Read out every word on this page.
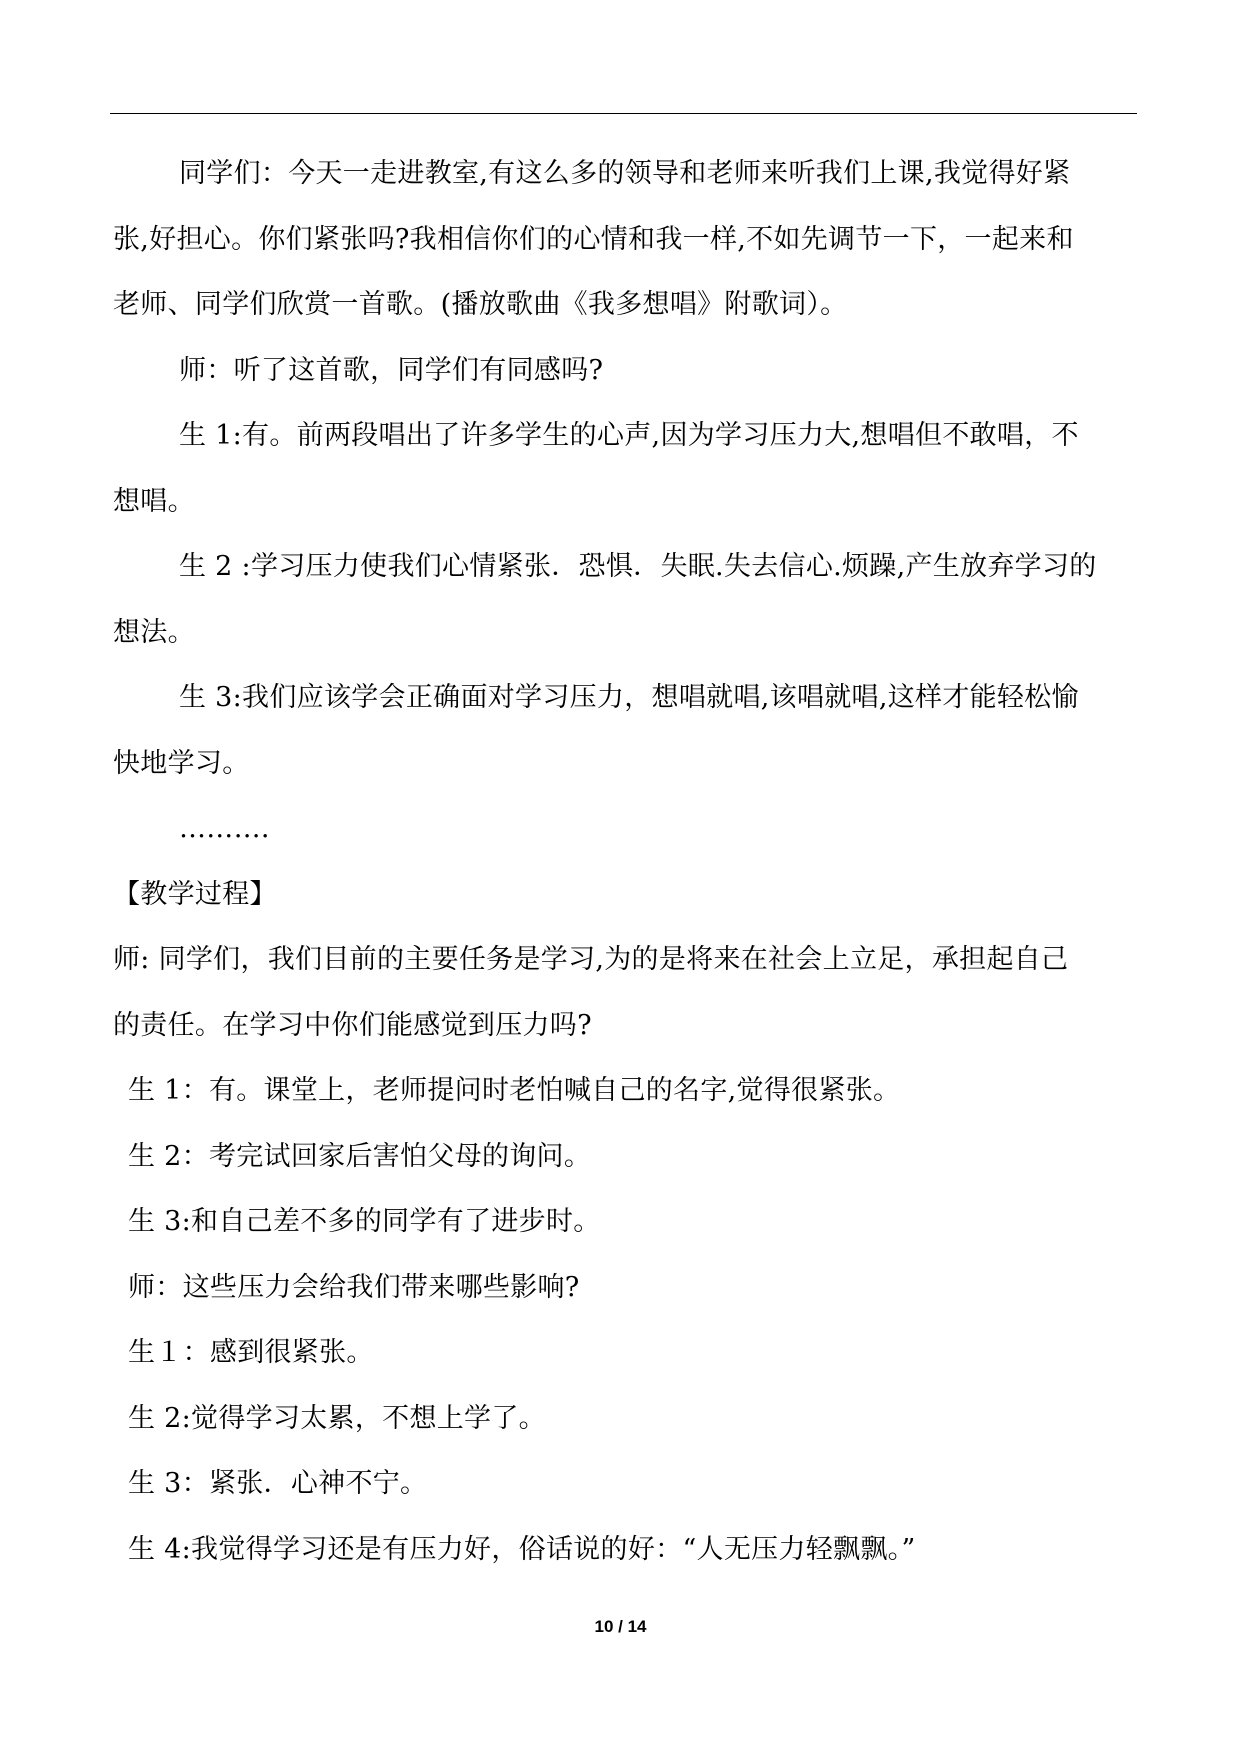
同学们：今天一走进教室,有这么多的领导和老师来听我们上课,我觉得好紧
张,好担心。你们紧张吗?我相信你们的心情和我一样,不如先调节一下，一起来和
老师、同学们欣赏一首歌。(播放歌曲《我多想唱》附歌词）。
师：听了这首歌，同学们有同感吗?
生 1:有。前两段唱出了许多学生的心声,因为学习压力大,想唱但不敢唱，不
想唱。
生 2 :学习压力使我们心情紧张．恐惧．失眠.失去信心.烦躁,产生放弃学习的
想法。
生 3:我们应该学会正确面对学习压力，想唱就唱,该唱就唱,这样才能轻松愉
快地学习。
……….
【教学过程】
师: 同学们，我们目前的主要任务是学习,为的是将来在社会上立足，承担起自己
的责任。在学习中你们能感觉到压力吗?
生 1：有。课堂上，老师提问时老怕喊自己的名字,觉得很紧张。
生 2：考完试回家后害怕父母的询问。
生 3:和自己差不多的同学有了进步时。
师：这些压力会给我们带来哪些影响?
生１：感到很紧张。
生 2:觉得学习太累，不想上学了。
生 3：紧张．心神不宁。
生 4:我觉得学习还是有压力好，俗话说的好：“人无压力轻飘飘。”
10 / 14
